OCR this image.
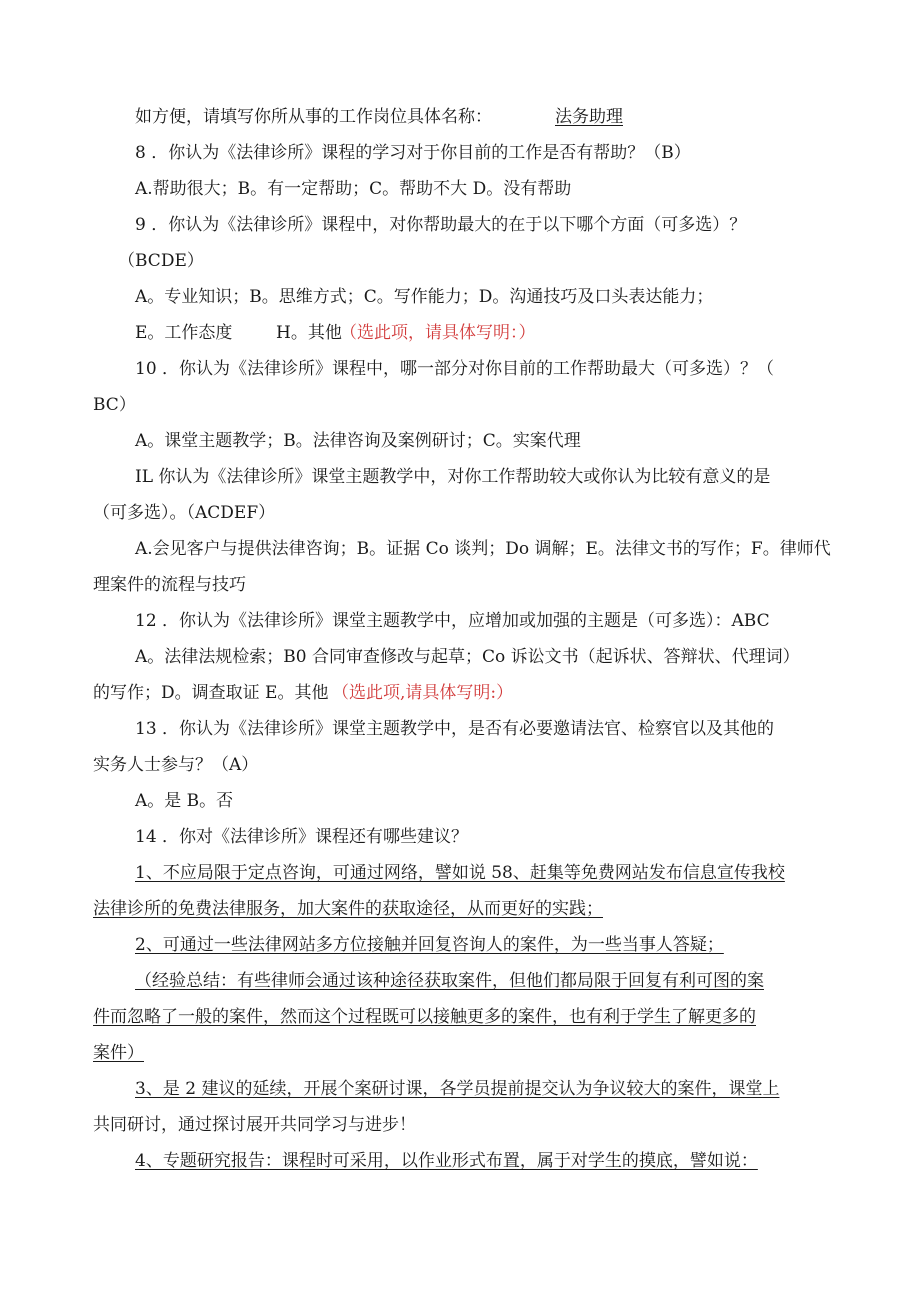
如方便，请填写你所从事的工作岗位具体名称：	法务助理
8 ．你认为《法律诊所》课程的学习对于你目前的工作是否有帮助？（B）
A.帮助很大；B。有一定帮助；C。帮助不大 D。没有帮助
9 ．你认为《法律诊所》课程中，对你帮助最大的在于以下哪个方面（可多选）？
（BCDE）
A。专业知识；B。思维方式；C。写作能力；D。沟通技巧及口头表达能力；
E。工作态度	H。其他
（选此项，请具体写明：）
10 ．你认为《法律诊所》课程中，哪一部分对你目前的工作帮助最大（可多选）？（
BC）
A。课堂主题教学；B。法律咨询及案例研讨；C。实案代理
IL 你认为《法律诊所》课堂主题教学中，对你工作帮助较大或你认为比较有意义的是
（可多选）。（ACDEF）
A.会见客户与提供法律咨询；B。证据 Co 谈判；Do 调解；E。法律文书的写作；F。律师代
理案件的流程与技巧
12 ．你认为《法律诊所》课堂主题教学中，应增加或加强的主题是（可多选）：ABC
A。法律法规检索；B0 合同审查修改与起草；Co 诉讼文书（起诉状、答辩状、代理词）
的写作；D。调查取证 E。其他 （选此项,请具体写明:）
13 ．你认为《法律诊所》课堂主题教学中，是否有必要邀请法官、检察官以及其他的
实务人士参与？（A）
A。是 B。否
14 ．你对《法律诊所》课程还有哪些建议？
1、不应局限于定点咨询，可通过网络，譬如说 58、赶集等免费网站发布信息宣传我校
法律诊所的免费法律服务，加大案件的获取途径，从而更好的实践；
2、可通过一些法律网站多方位接触并回复咨询人的案件，为一些当事人答疑；
（经验总结：有些律师会通过该种途径获取案件，但他们都局限于回复有利可图的案
件而忽略了一般的案件，然而这个过程既可以接触更多的案件，也有利于学生了解更多的
案件）
3、是 2 建议的延续，开展个案研讨课，各学员提前提交认为争议较大的案件，课堂上
共同研讨，通过探讨展开共同学习与进步！
4、专题研究报告：课程时可采用，以作业形式布置，属于对学生的摸底，譬如说：
